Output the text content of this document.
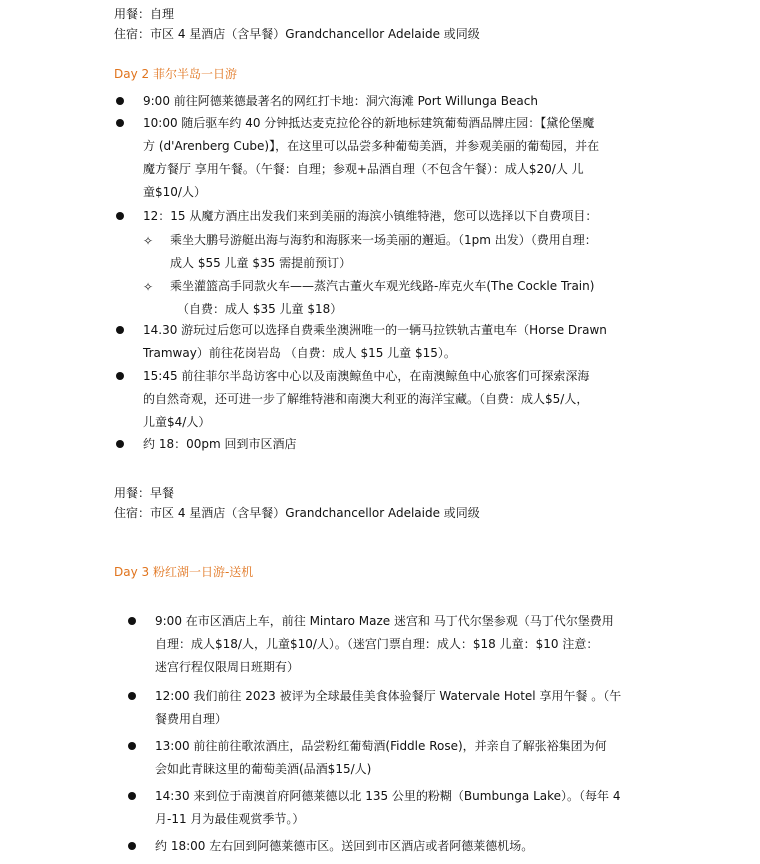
用餐：自理
住宿：市区 4 星酒店（含早餐）Grandchancellor Adelaide 或同级
Day 2 菲尔半岛一日游
9:00 前往阿德莱德最著名的网红打卡地：洞穴海滩 Port Willunga Beach
10:00 随后驱车约 40 分钟抵达麦克拉伦谷的新地标建筑葡萄酒品牌庄园：【黛伦堡魔
方 (d'Arenberg Cube)】，在这里可以品尝多种葡萄美酒，并参观美丽的葡萄园，并在
魔方餐厅 享用午餐。（午餐：自理；参观+品酒自理（不包含午餐）：成人$20/人 儿
童$10/人）
12：15 从魔方酒庄出发我们来到美丽的海滨小镇维特港，您可以选择以下自费项目：
✧ 乘坐大鹏号游艇出海与海豹和海豚来一场美丽的邂逅。（1pm 出发）（费用自理：
成人 $55 儿童 $35 需提前预订）
✧ 乘坐灌篮高手同款火车——蒸汽古董火车观光线路-库克火车(The Cockle Train)
（自费：成人 $35 儿童 $18）
14.30 游玩过后您可以选择自费乘坐澳洲唯一的一辆马拉铁轨古董电车（Horse Drawn
Tramway）前往花岗岩岛 （自费：成人 $15 儿童 $15）。
15:45 前往菲尔半岛访客中心以及南澳鲸鱼中心，在南澳鲸鱼中心旅客们可探索深海
的自然奇观，还可进一步了解维特港和南澳大利亚的海洋宝藏。（自费：成人$5/人，
儿童$4/人）
约 18：00pm 回到市区酒店
用餐：早餐
住宿：市区 4 星酒店（含早餐）Grandchancellor Adelaide 或同级
Day 3 粉红湖一日游-送机
9:00 在市区酒店上车，前往 Mintaro Maze 迷宫和 马丁代尔堡参观（马丁代尔堡费用
自理：成人$18/人，儿童$10/人）。（迷宫门票自理：成人：$18 儿童：$10 注意：
迷宫行程仅限周日班期有）
12:00 我们前往 2023 被评为全球最佳美食体验餐厅 Watervale Hotel 享用午餐 。（午
餐费用自理）
13:00 前往前往歌浓酒庄，品尝粉红葡萄酒(Fiddle Rose)，并亲自了解张裕集团为何
会如此青睐这里的葡萄美酒(品酒$15/人)
14:30 来到位于南澳首府阿德莱德以北 135 公里的粉糊（Bumbunga Lake）。（每年 4
月-11 月为最佳观赏季节。）
约 18:00 左右回到阿德莱德市区。送回到市区酒店或者阿德莱德机场。
